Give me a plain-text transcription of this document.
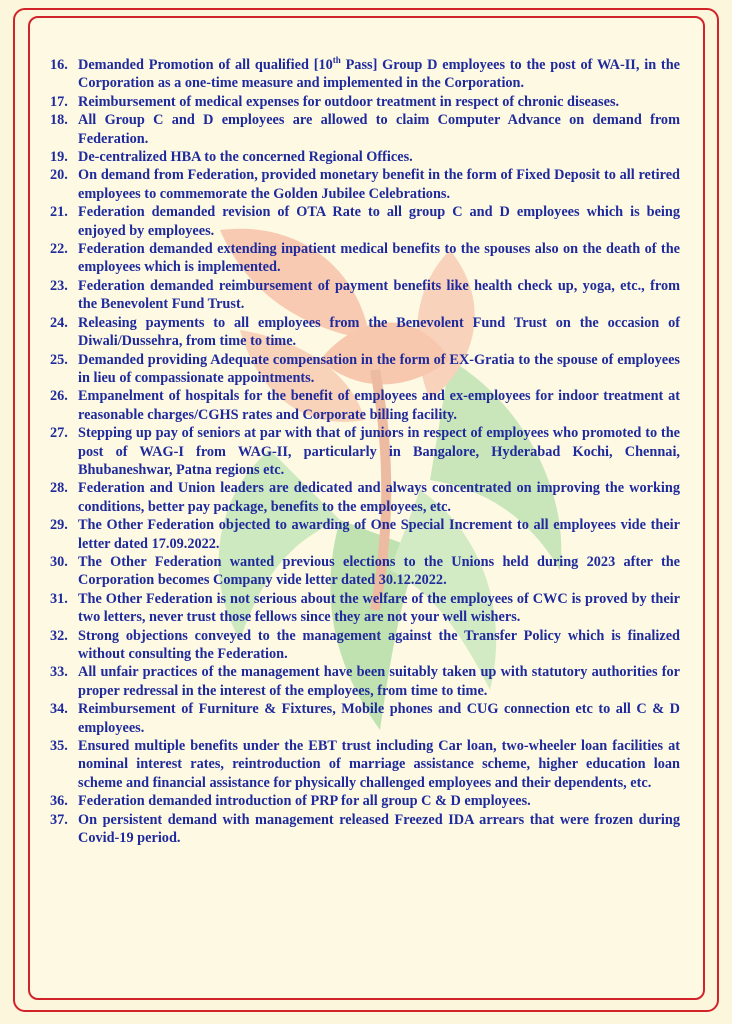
16. Demanded Promotion of all qualified [10th Pass] Group D employees to the post of WA-II, in the Corporation as a one-time measure and implemented in the Corporation.
17. Reimbursement of medical expenses for outdoor treatment in respect of chronic diseases.
18. All Group C and D employees are allowed to claim Computer Advance on demand from Federation.
19. De-centralized HBA to the concerned Regional Offices.
20. On demand from Federation, provided monetary benefit in the form of Fixed Deposit to all retired employees to commemorate the Golden Jubilee Celebrations.
21. Federation demanded revision of OTA Rate to all group C and D employees which is being enjoyed by employees.
22. Federation demanded extending inpatient medical benefits to the spouses also on the death of the employees which is implemented.
23. Federation demanded reimbursement of payment benefits like health check up, yoga, etc., from the Benevolent Fund Trust.
24. Releasing payments to all employees from the Benevolent Fund Trust on the occasion of Diwali/Dussehra, from time to time.
25. Demanded providing Adequate compensation in the form of EX-Gratia to the spouse of employees in lieu of compassionate appointments.
26. Empanelment of hospitals for the benefit of employees and ex-employees for indoor treatment at reasonable charges/CGHS rates and Corporate billing facility.
27. Stepping up pay of seniors at par with that of juniors in respect of employees who promoted to the post of WAG-I from WAG-II, particularly in Bangalore, Hyderabad Kochi, Chennai, Bhubaneshwar, Patna regions etc.
28. Federation and Union leaders are dedicated and always concentrated on improving the working conditions, better pay package, benefits to the employees, etc.
29. The Other Federation objected to awarding of One Special Increment to all employees vide their letter dated 17.09.2022.
30. The Other Federation wanted previous elections to the Unions held during 2023 after the Corporation becomes Company vide letter dated 30.12.2022.
31. The Other Federation is not serious about the welfare of the employees of CWC is proved by their two letters, never trust those fellows since they are not your well wishers.
32. Strong objections conveyed to the management against the Transfer Policy which is finalized without consulting the Federation.
33. All unfair practices of the management have been suitably taken up with statutory authorities for proper redressal in the interest of the employees, from time to time.
34. Reimbursement of Furniture & Fixtures, Mobile phones and CUG connection etc to all C & D employees.
35. Ensured multiple benefits under the EBT trust including Car loan, two-wheeler loan facilities at nominal interest rates, reintroduction of marriage assistance scheme, higher education loan scheme and financial assistance for physically challenged employees and their dependents, etc.
36. Federation demanded introduction of PRP for all group C & D employees.
37. On persistent demand with management released Freezed IDA arrears that were frozen during Covid-19 period.
